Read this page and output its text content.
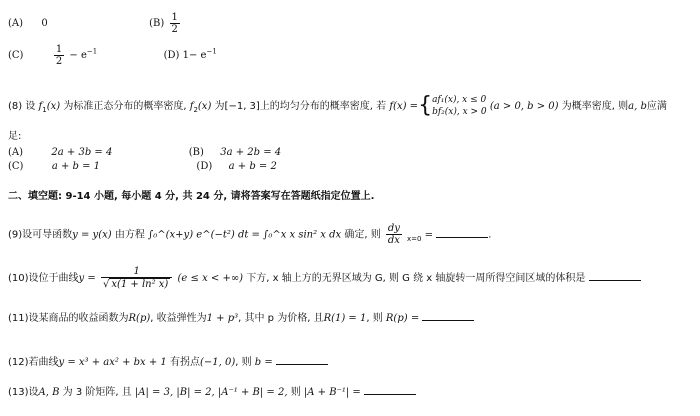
(A) 0	$(B) \frac{1}{2}$
(C)	$\frac{1}{2} - e^{-1}$	(D) $1- e^{-1}$
(8) 设 $f_1(x)$ 为标准正态分布的概率密度, $f_2(x)$ 为[−1, 3]上的均匀分布的概率密度, 若 f(x) ={ af₁(x), x ≤ 0
bf₂(x), x > 0 (a > 0, b > 0) 为概率密度, 则a, b应满
足:
(A)	2a + 3b = 4	(B) 3a + 2b = 4
(C)	a + b = 1	(D) a + b = 2
二、填空题: 9-14 小题, 每小题 4 分, 共 24 分, 请将答案写在答题纸指定位置上.
(9)设可导函数y = y(x) 由方程 ∫₀^(x+y) e^(−t²) dt = ∫₀^x x sin² x dx 确定, 则 $\frac{dy}{dx} x=0$ =	.
(10)设位于曲线$y = \frac{1}{\text{√ x(1 + ln² x)}} (e \le x$ < +∞) 下方, x 轴上方的无界区域为 G, 则 G 绕 x 轴旋转一周所得空间区域的体积是
(11)设某商品的收益函数为R(p), 收益弹性为1 + p³, 其中 p 为价格, 且R(1) = 1, 则 R(p) =
(12)若曲线y = x³ + ax² + bx + 1 有拐点(−1, 0), 则 b =
(13)设A, B 为 3 阶矩阵, 且 |A| = 3, |B| = 2, |A⁻¹ + B| = 2, 则 |A + B⁻¹| =
